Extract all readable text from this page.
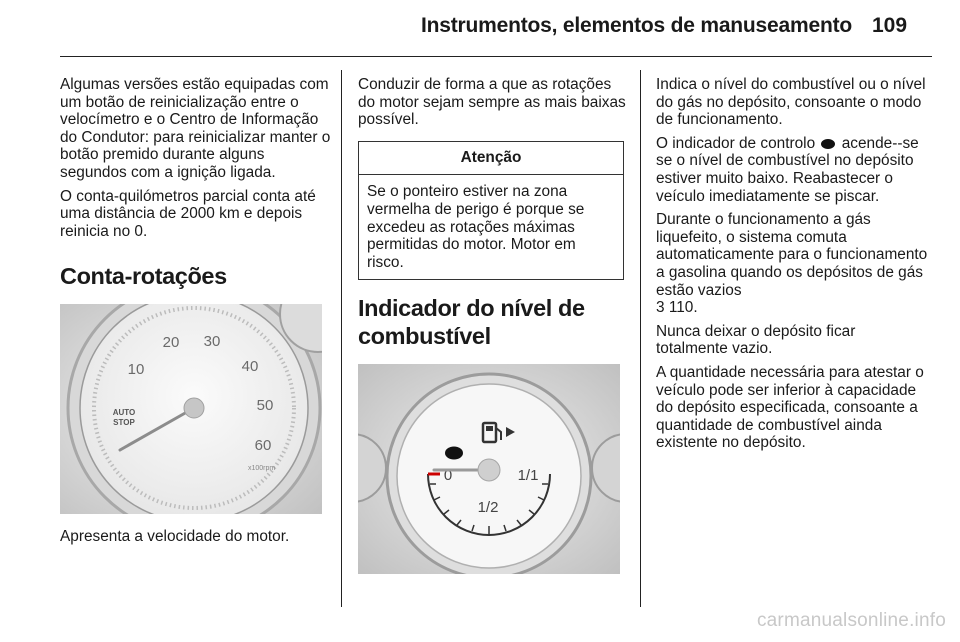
Instrumentos, elementos de manuseamento 109

Algumas versões estão equipadas com um botão de reinicialização entre o velocímetro e o Centro de Informação do Condutor: para reinicializar manter o botão premido durante alguns segundos com a ignição ligada.

O conta-quilómetros parcial conta até uma distância de 2000 km e depois reinicia no 0.

Conta-rotações
10
20 30
40
50
60
AUTO
STOP
x100rpm

Apresenta a velocidade do motor.

Conduzir de forma a que as rotações do motor sejam sempre as mais baixas possível.

Atenção
Se o ponteiro estiver na zona vermelha de perigo é porque se excedeu as rotações máximas permitidas do motor. Motor em risco.
Indicador do nível de
combustível
0
1/2
1/1

Indica o nível do combustível ou o nível do gás no depósito, consoante o modo de funcionamento.

O indicador de controlo acende--se se o nível de combustível no depósito estiver muito baixo. Reabastecer o veículo imediatamente se piscar.

Durante o funcionamento a gás liquefeito, o sistema comuta automaticamente para o funcionamento a gasolina quando os depósitos de gás estão vazios
3 110.

Nunca deixar o depósito ficar totalmente vazio.

A quantidade necessária para atestar o veículo pode ser inferior à capacidade do depósito especificada, consoante a quantidade de combustível ainda existente no depósito.

carmanualsonline.info
